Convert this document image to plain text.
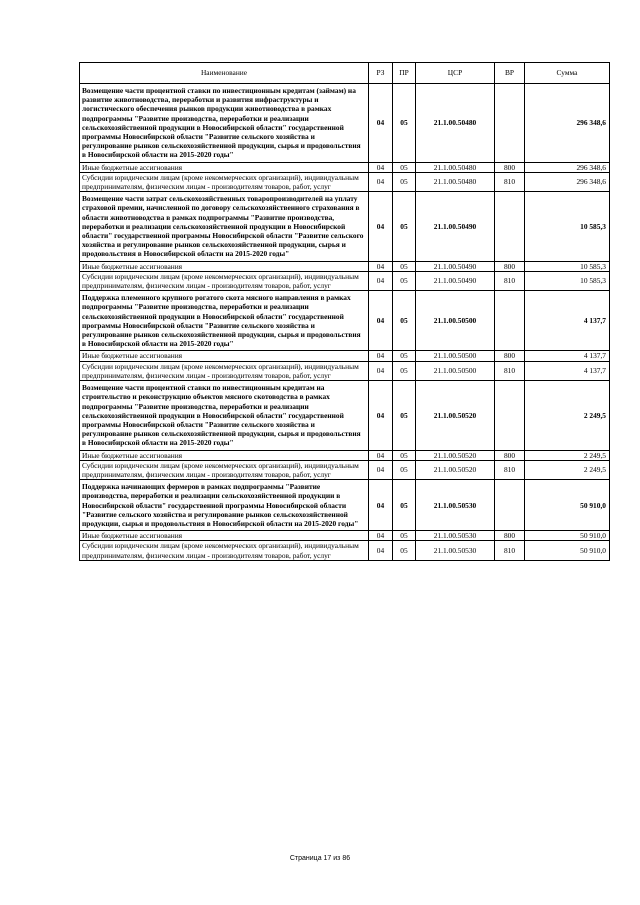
Наименование	РЗ	ПР	ЦСР	ВР	Сумма
Возмещение части процентной ставки по инвестиционным кредитам (займам) на развитие животноводства, переработки и развития инфраструктуры и логистического обеспечения рынков продукции животноводства в рамках подпрограммы "Развитие производства, переработки и реализации сельскохозяйственной продукции в Новосибирской области" государственной программы Новосибирской области "Развитие сельского хозяйства и регулирование рынков сельскохозяйственной продукции, сырья и продовольствия в Новосибирской области на 2015-2020 годы"	04	05	21.1.00.50480		296 348,6
Иные бюджетные ассигнования	04	05	21.1.00.50480	800	296 348,6
Субсидии юридическим лицам (кроме некоммерческих организаций), индивидуальным предпринимателям, физическим лицам - производителям товаров, работ, услуг	04	05	21.1.00.50480	810	296 348,6
Возмещение части затрат сельскохозяйственных товаропроизводителей на уплату страховой премии, начисленной по договору сельскохозяйственного страхования в области животноводства в рамках подпрограммы "Развитие производства, переработки и реализации сельскохозяйственной продукции в Новосибирской области" государственной программы Новосибирской области "Развитие сельского хозяйства и регулирование рынков сельскохозяйственной продукции, сырья и продовольствия в Новосибирской области на 2015-2020 годы"	04	05	21.1.00.50490		10 585,3
Иные бюджетные ассигнования	04	05	21.1.00.50490	800	10 585,3
Субсидии юридическим лицам (кроме некоммерческих организаций), индивидуальным предпринимателям, физическим лицам - производителям товаров, работ, услуг	04	05	21.1.00.50490	810	10 585,3
Поддержка племенного крупного рогатого скота мясного направления в рамках подпрограммы "Развитие производства, переработки и реализации сельскохозяйственной продукции в Новосибирской области" государственной программы Новосибирской области "Развитие сельского хозяйства и регулирование рынков сельскохозяйственной продукции, сырья и продовольствия в Новосибирской области на 2015-2020 годы"	04	05	21.1.00.50500		4 137,7
Иные бюджетные ассигнования	04	05	21.1.00.50500	800	4 137,7
Субсидии юридическим лицам (кроме некоммерческих организаций), индивидуальным предпринимателям, физическим лицам - производителям товаров, работ, услуг	04	05	21.1.00.50500	810	4 137,7
Возмещение части процентной ставки по инвестиционным кредитам на строительство и реконструкцию объектов мясного скотоводства в рамках подпрограммы "Развитие производства, переработки и реализации сельскохозяйственной продукции в Новосибирской области" государственной программы Новосибирской области "Развитие сельского хозяйства и регулирование рынков сельскохозяйственной продукции, сырья и продовольствия в Новосибирской области на 2015-2020 годы"	04	05	21.1.00.50520		2 249,5
Иные бюджетные ассигнования	04	05	21.1.00.50520	800	2 249,5
Субсидии юридическим лицам (кроме некоммерческих организаций), индивидуальным предпринимателям, физическим лицам - производителям товаров, работ, услуг	04	05	21.1.00.50520	810	2 249,5
Поддержка начинающих фермеров в рамках подпрограммы "Развитие производства, переработки и реализации сельскохозяйственной продукции в Новосибирской области" государственной программы Новосибирской области "Развитие сельского хозяйства и регулирование рынков сельскохозяйственной продукции, сырья и продовольствия в Новосибирской области на 2015-2020 годы"	04	05	21.1.00.50530		50 910,0
Иные бюджетные ассигнования	04	05	21.1.00.50530	800	50 910,0
Субсидии юридическим лицам (кроме некоммерческих организаций), индивидуальным предпринимателям, физическим лицам - производителям товаров, работ, услуг	04	05	21.1.00.50530	810	50 910,0
Страница 17 из 86
